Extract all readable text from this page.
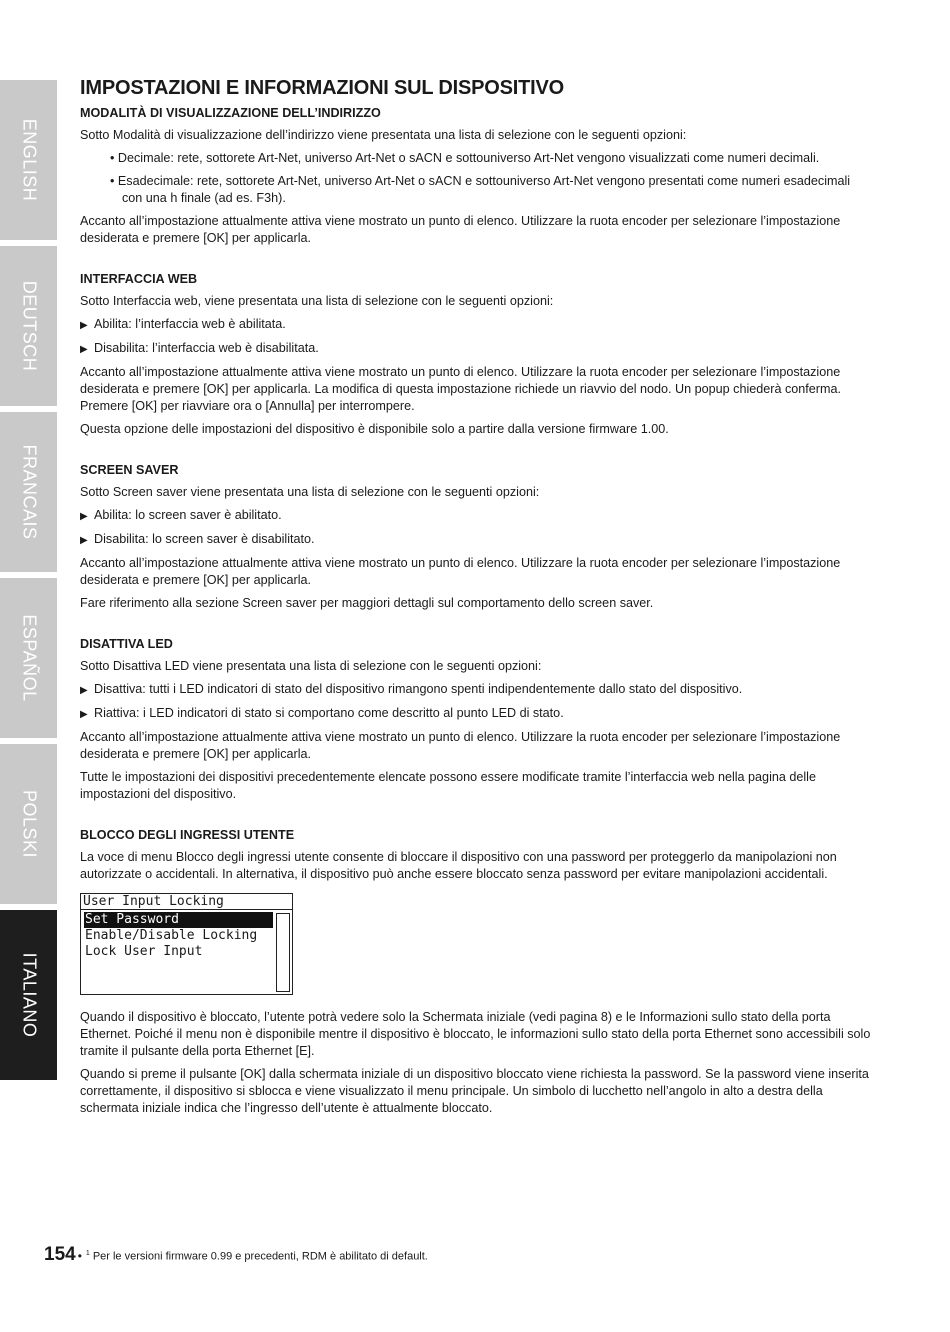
ENGLISH
DEUTSCH
FRANCAIS
ESPAÑOL
POLSKI
ITALIANO
IMPOSTAZIONI E INFORMAZIONI SUL DISPOSITIVO
MODALITÀ DI VISUALIZZAZIONE DELL’INDIRIZZO

Sotto Modalità di visualizzazione dell’indirizzo viene presentata una lista di selezione con le seguenti opzioni:

• Decimale: rete, sottorete Art-Net, universo Art-Net o sACN e sottouniverso Art-Net vengono visualizzati come numeri decimali.

• Esadecimale: rete, sottorete Art-Net, universo Art-Net o sACN e sottouniverso Art-Net vengono presentati come numeri esadecimali con una h finale (ad es. F3h).

Accanto all’impostazione attualmente attiva viene mostrato un punto di elenco. Utilizzare la ruota encoder per selezionare l’impostazione desiderata e premere [OK] per applicarla.

INTERFACCIA WEB

Sotto Interfaccia web, viene presentata una lista di selezione con le seguenti opzioni:

▶ Abilita: l’interfaccia web è abilitata.

▶ Disabilita: l’interfaccia web è disabilitata.

Accanto all’impostazione attualmente attiva viene mostrato un punto di elenco. Utilizzare la ruota encoder per selezionare l’impostazione desiderata e premere [OK] per applicarla. La modifica di questa impostazione richiede un riavvio del nodo. Un popup chiederà conferma. Premere [OK] per riavviare ora o [Annulla] per interrompere.

Questa opzione delle impostazioni del dispositivo è disponibile solo a partire dalla versione firmware 1.00.

SCREEN SAVER

Sotto Screen saver viene presentata una lista di selezione con le seguenti opzioni:

▶ Abilita: lo screen saver è abilitato.

▶ Disabilita: lo screen saver è disabilitato.

Accanto all’impostazione attualmente attiva viene mostrato un punto di elenco. Utilizzare la ruota encoder per selezionare l’impostazione desiderata e premere [OK] per applicarla.

Fare riferimento alla sezione Screen saver per maggiori dettagli sul comportamento dello screen saver.

DISATTIVA LED

Sotto Disattiva LED viene presentata una lista di selezione con le seguenti opzioni:

▶ Disattiva: tutti i LED indicatori di stato del dispositivo rimangono spenti indipendentemente dallo stato del dispositivo.

▶ Riattiva: i LED indicatori di stato si comportano come descritto al punto LED di stato.

Accanto all’impostazione attualmente attiva viene mostrato un punto di elenco. Utilizzare la ruota encoder per selezionare l’impostazione desiderata e premere [OK] per applicarla.

Tutte le impostazioni dei dispositivi precedentemente elencate possono essere modificate tramite l’interfaccia web nella pagina delle impostazioni del dispositivo.

BLOCCO DEGLI INGRESSI UTENTE

La voce di menu Blocco degli ingressi utente consente di bloccare il dispositivo con una password per proteggerlo da manipolazioni non autorizzate o accidentali. In alternativa, il dispositivo può anche essere bloccato senza password per evitare manipolazioni accidentali.

User Input Locking
Set Password
Enable/Disable Locking
Lock User Input

Quando il dispositivo è bloccato, l’utente potrà vedere solo la Schermata iniziale (vedi pagina 8) e le Informazioni sullo stato della porta Ethernet. Poiché il menu non è disponibile mentre il dispositivo è bloccato, le informazioni sullo stato della porta Ethernet sono accessibili solo tramite il pulsante della porta Ethernet [E].

Quando si preme il pulsante [OK] dalla schermata iniziale di un dispositivo bloccato viene richiesta la password. Se la password viene inserita correttamente, il dispositivo si sblocca e viene visualizzato il menu principale. Un simbolo di lucchetto nell’angolo in alto a destra della schermata iniziale indica che l’ingresso dell’utente è attualmente bloccato.

154 • $^1$ Per le versioni firmware 0.99 e precedenti, RDM è abilitato di default.
